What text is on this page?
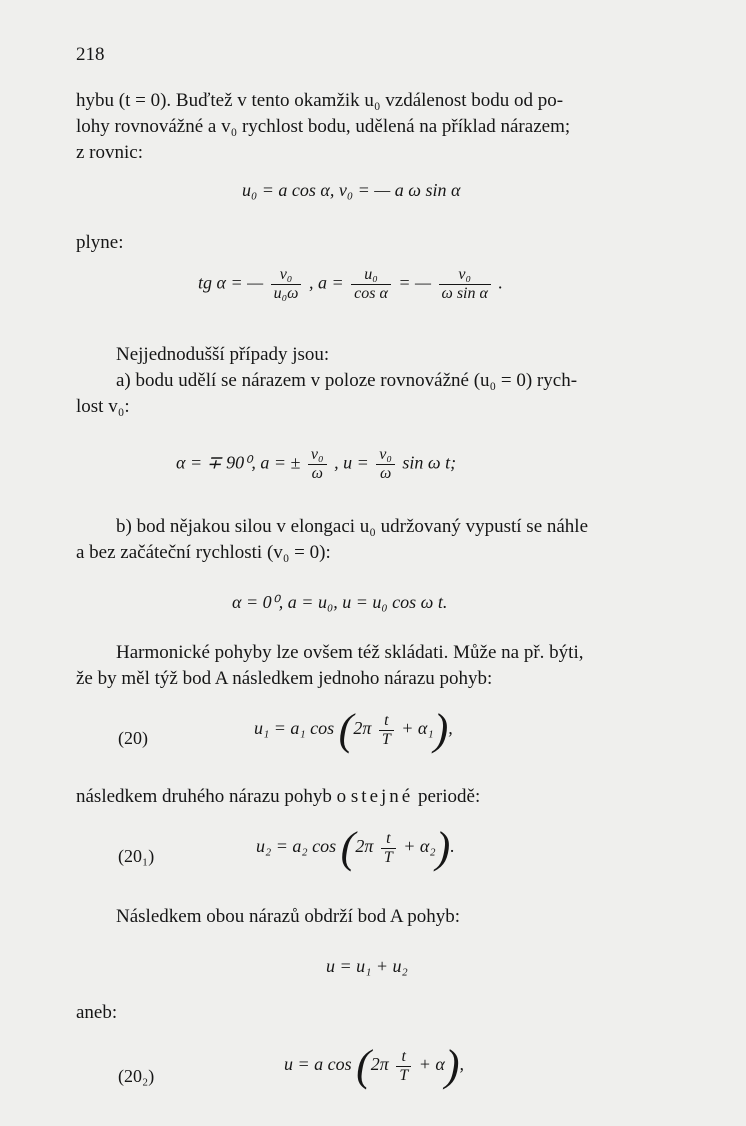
218
hybu (t = 0). Buďtež v tento okamžik u₀ vzdálenost bodu od po-
lohy rovnovážné a v₀ rychlost bodu, udělená na příklad nárazem;
z rovnic:
u₀ = a cos α, v₀ = — a ω sin α
plyne:
tg α = — $\frac{\text{v₀}}{\text{u₀ω}}$ , $a = \frac{\text{u₀}}{\text{cos α}}$ = — $\frac{\text{v₀}}{\text{ω sin α}}$ .
Nejjednodušší případy jsou:
a) bodu udělí se nárazem v poloze rovnovážné (u₀ = 0) rych-
lost v₀:
α = ∓ 90⁰, a = ± $\frac{\text{v₀}}{\omega}$ , $u = \frac{\text{v₀}}{\omega}$ sin ω t;
b) bod nějakou silou v elongaci u₀ udržovaný vypustí se náhle
a bez začáteční rychlosti (v₀ = 0):
α = 0⁰, a = u₀, u = u₀ cos ω t.
Harmonické pohyby lze ovšem též skládati. Může na př. býti,
že by měl týž bod A následkem jednoho nárazu pohyb:
(20)	u₁ = a₁ $\cos (2\pi \frac{t}{T} + \alpha_1)$,
následkem druhého nárazu pohyb o stejné periodě:
(20₁)	u₂ = a₂ $\cos (2\pi \frac{t}{T} + \alpha_2)$.
Následkem obou nárazů obdrží bod A pohyb:
u = u₁ + u₂
aneb:
(20₂)
u = a $\cos (2\pi \frac{t}{T} + \alpha)$,
